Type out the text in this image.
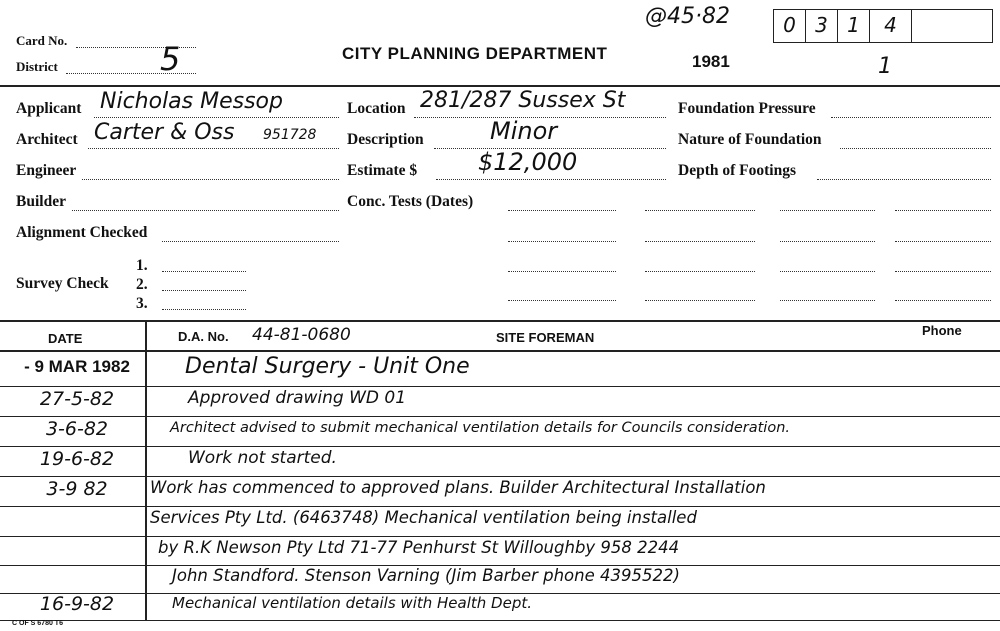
Card No.
District	5	CITY PLANNING DEPARTMENT	1981
@45·82	0 3 1	4
1
Applicant Nicholas Messop
Architect Carter & Oss 951728
Engineer
Builder
Alignment Checked
Survey Check
1.
2.
3.
Location 281/287 Sussex St
Description	Minor
Estimate $	$12,000
Conc. Tests (Dates)
Foundation Pressure
Nature of Foundation
Depth of Footings
DATE	D.A. No. 44-81-0680	SITE FOREMAN	Phone
- 9 MAR 1982	Dental Surgery - Unit One
27-5-82	Approved drawing WD 01
3-6-82	Architect advised to submit mechanical ventilation details for Councils consideration.
19-6-82	Work not started.
3-9 82	Work has commenced to approved plans. Builder Architectural Installation
Services Pty Ltd. (6463748) Mechanical ventilation being installed
by R.K Newson Pty Ltd 71-77 Penhurst St Willoughby 958 2244
John Standford. Stenson Varning (Jim Barber phone 4395522)
16-9-82	Mechanical ventilation details with Health Dept.
C OF S 6780 T6
